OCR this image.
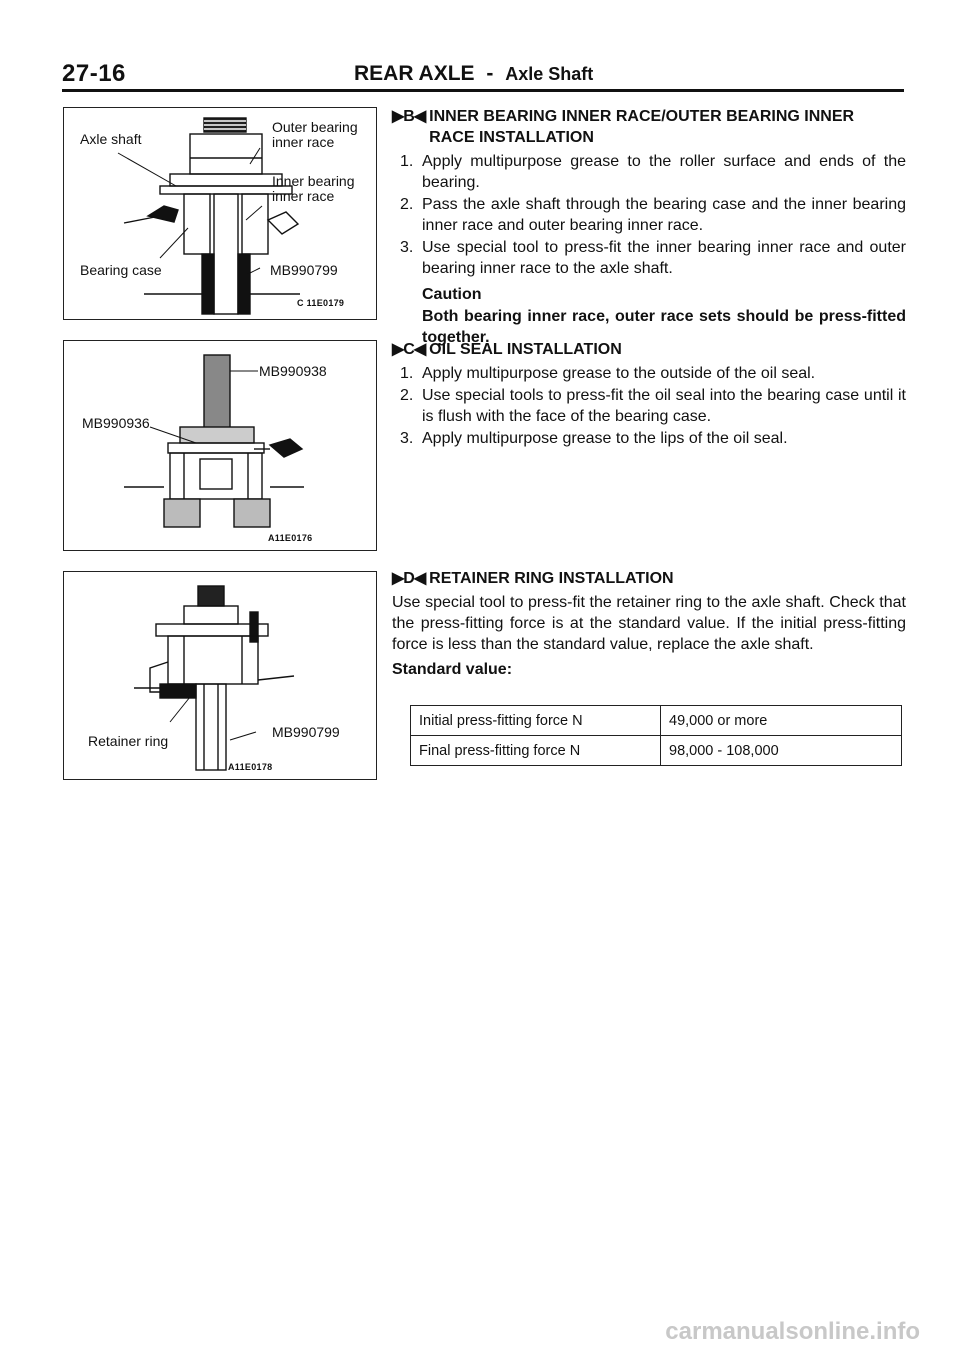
27-16	REAR AXLE - Axle Shaft
Axle shaft
Outer bearing
inner race
Inner bearing
inner race
Bearing case	MB990799
C 11E0179
MB990938
MB990936
A11E0176
Retainer ring
MB990799
A11E0178
▶B◀ INNER BEARING INNER RACE/OUTER BEARING INNER RACE INSTALLATION
1. Apply multipurpose grease to the roller surface and ends of the bearing.
2. Pass the axle shaft through the bearing case and the inner bearing inner race and outer bearing inner race.
3. Use special tool to press-fit the inner bearing inner race and outer bearing inner race to the axle shaft.
Caution
Both bearing inner race, outer race sets should be press-fitted together.
▶C◀ OIL SEAL INSTALLATION
1. Apply multipurpose grease to the outside of the oil seal.
2. Use special tools to press-fit the oil seal into the bearing case until it is flush with the face of the bearing case.
3. Apply multipurpose grease to the lips of the oil seal.
▶D◀ RETAINER RING INSTALLATION

Use special tool to press-fit the retainer ring to the axle shaft. Check that the press-fitting force is at the standard value. If the initial press-fitting force is less than the standard value, replace the axle shaft.

Standard value:
Initial press-fitting force N	49,000 or more
Final press-fitting force N	98,000 - 108,000
carmanualsonline.info
